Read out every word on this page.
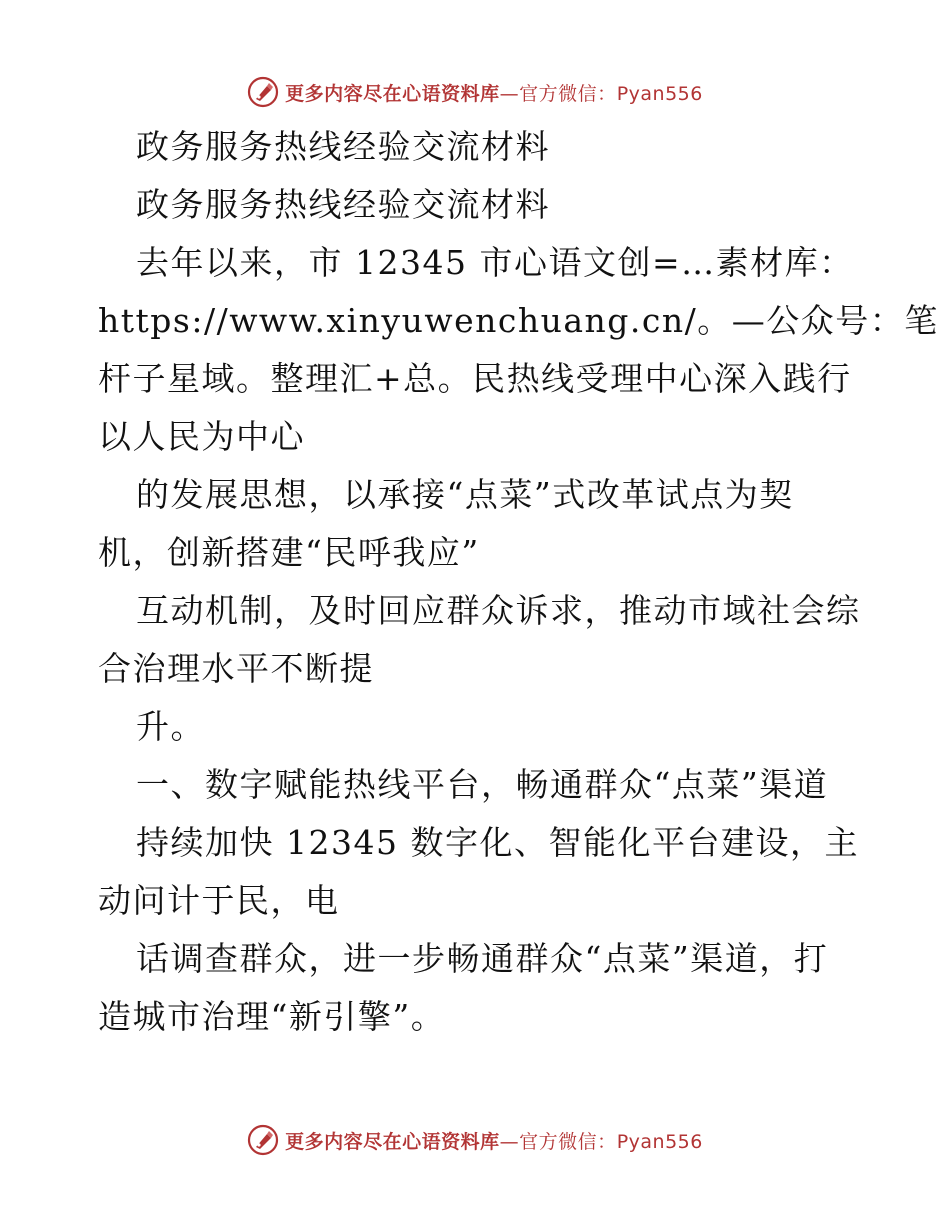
更多内容尽在心语资料库—官方微信：Pyan556
政务服务热线经验交流材料
政务服务热线经验交流材料
去年以来，市 12345 市心语文创=…素材库：
https://www.xinyuwenchuang.cn/。—公众号：笔
杆子星域。整理汇+总。民热线受理中心深入践行
以人民为中心
的发展思想，以承接“点菜”式改革试点为契
机，创新搭建“民呼我应”
互动机制，及时回应群众诉求，推动市域社会综
合治理水平不断提
升。
一、数字赋能热线平台，畅通群众“点菜”渠道
持续加快 12345 数字化、智能化平台建设，主
动问计于民，电
话调查群众，进一步畅通群众“点菜”渠道，打
造城市治理“新引擎”。
更多内容尽在心语资料库—官方微信：Pyan556
